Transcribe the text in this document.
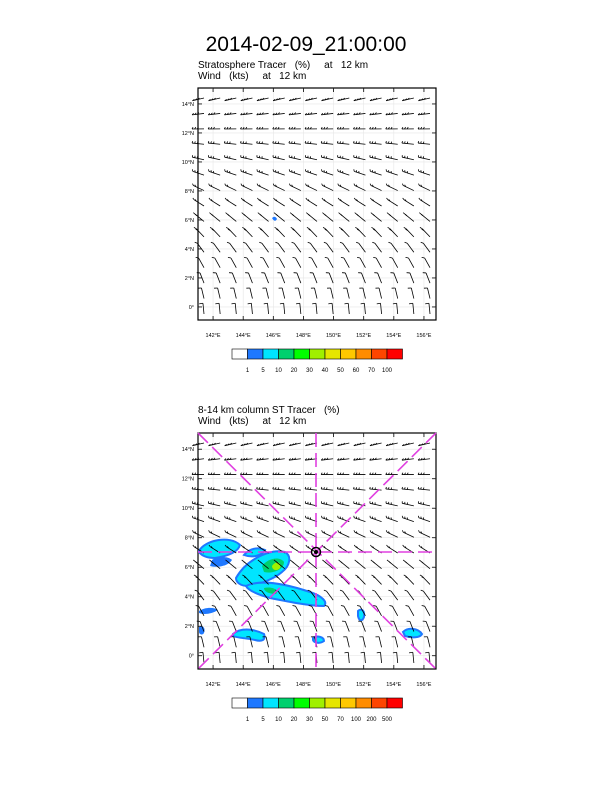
2014-02-09_21:00:00
Stratosphere Tracer   (%)     at   12 km
Wind   (kts)     at   12 km
14°N
12°N
10°N
8°N
6°N
4°N
2°N
0°
142°E	144°E	146°E	148°E	150°E	152°E	154°E	156°E
1 5 10 20 30 40 50 60 70 100
14°N
12°N
10°N
8°N
6°N
4°N
2°N
0°
142°E	144°E	146°E	148°E	150°E	152°E	154°E	156°E
1 5 10 20 30 50 70 100 200 500
8-14 km column ST Tracer   (%)
Wind   (kts)     at   12 km
